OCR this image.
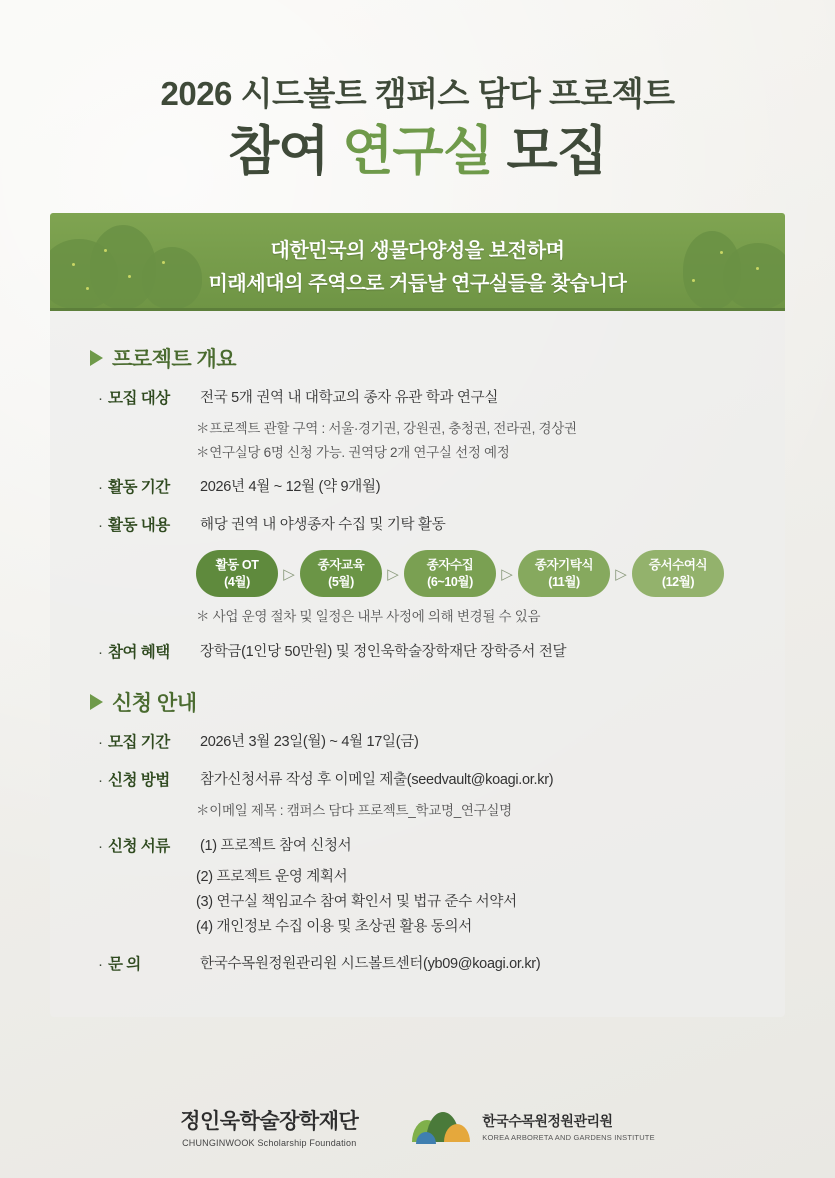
2026 시드볼트 캠퍼스 담다 프로젝트
참여 연구실 모집
대한민국의 생물다양성을 보전하며
미래세대의 주역으로 거듭날 연구실들을 찾습니다
프로젝트 개요
· 모집 대상	전국 5개 권역 내 대학교의 종자 유관 학과 연구실
＊프로젝트 관할 구역 : 서울·경기권, 강원권, 충청권, 전라권, 경상권
＊연구실당 6명 신청 가능. 권역당 2개 연구실 선정 예정
· 활동 기간	2026년 4월 ~ 12월 (약 9개월)
· 활동 내용	해당 권역 내 야생종자 수집 및 기탁 활동
활동 OT
(4월)	▷
종자교육
(5월)	▷
종자수집
(6~10월)	▷
종자기탁식
(11월)	▷
증서수여식
(12월)
＊ 사업 운영 절차 및 일정은 내부 사정에 의해 변경될 수 있음
· 참여 혜택	장학금(1인당 50만원) 및 정인욱학술장학재단 장학증서 전달
신청 안내
· 모집 기간	2026년 3월 23일(월) ~ 4월 17일(금)
· 신청 방법	참가신청서류 작성 후 이메일 제출(seedvault@koagi.or.kr)
＊이메일 제목 : 캠퍼스 담다 프로젝트_학교명_연구실명
· 신청 서류	(1) 프로젝트 참여 신청서
(2) 프로젝트 운영 계획서
(3) 연구실 책임교수 참여 확인서 및 법규 준수 서약서
(4) 개인정보 수집 이용 및 초상권 활용 동의서
· 문 의	한국수목원정원관리원 시드볼트센터(yb09@koagi.or.kr)
정인욱학술장학재단
CHUNGINWOOK Scholarship Foundation
한국수목원정원관리원
KOREA ARBORETA AND GARDENS INSTITUTE
